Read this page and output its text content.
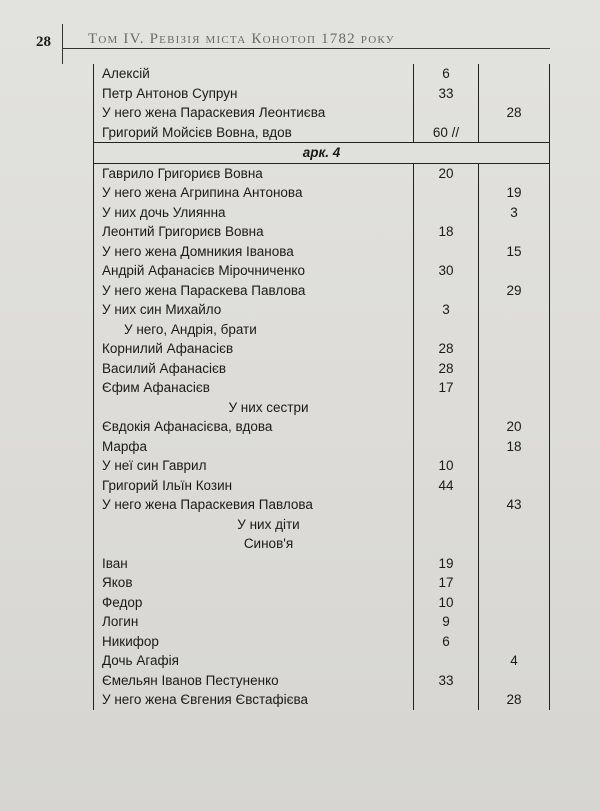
28 Том IV. Ревізія міста Конотоп 1782 року
Алексій	6	
Петр Антонов Супрун	33	
У него жена Параскевия Леонтиєва		28
Григорий Мойсієв Вовна, вдов	60 //	
арк. 4		
Гаврило Григориєв Вовна	20	
У него жена Агрипина Антонова		19
У них дочь Улиянна		3
Леонтий Григориєв Вовна	18	
У него жена Домникия Іванова		15
Андрій Афанасієв Мірочниченко	30	
У него жена Параскева Павлова		29
У них син Михайло	3	
У него, Андрія, брати		
Корнилий Афанасієв	28	
Василий Афанасієв	28	
Єфим Афанасієв	17	
У них сестри		
Євдокія Афанасієва, вдова		20
Марфа		18
У неї син Гаврил	10	
Григорий Ільїн Козин	44	
У него жена Параскевия Павлова		43
У них діти		
Синов'я		
Іван	19	
Яков	17	
Федор	10	
Логин	9	
Никифор	6	
Дочь Агафія		4
Ємельян Іванов Пестуненко	33	
У него жена Євгения Євстафієва		28
